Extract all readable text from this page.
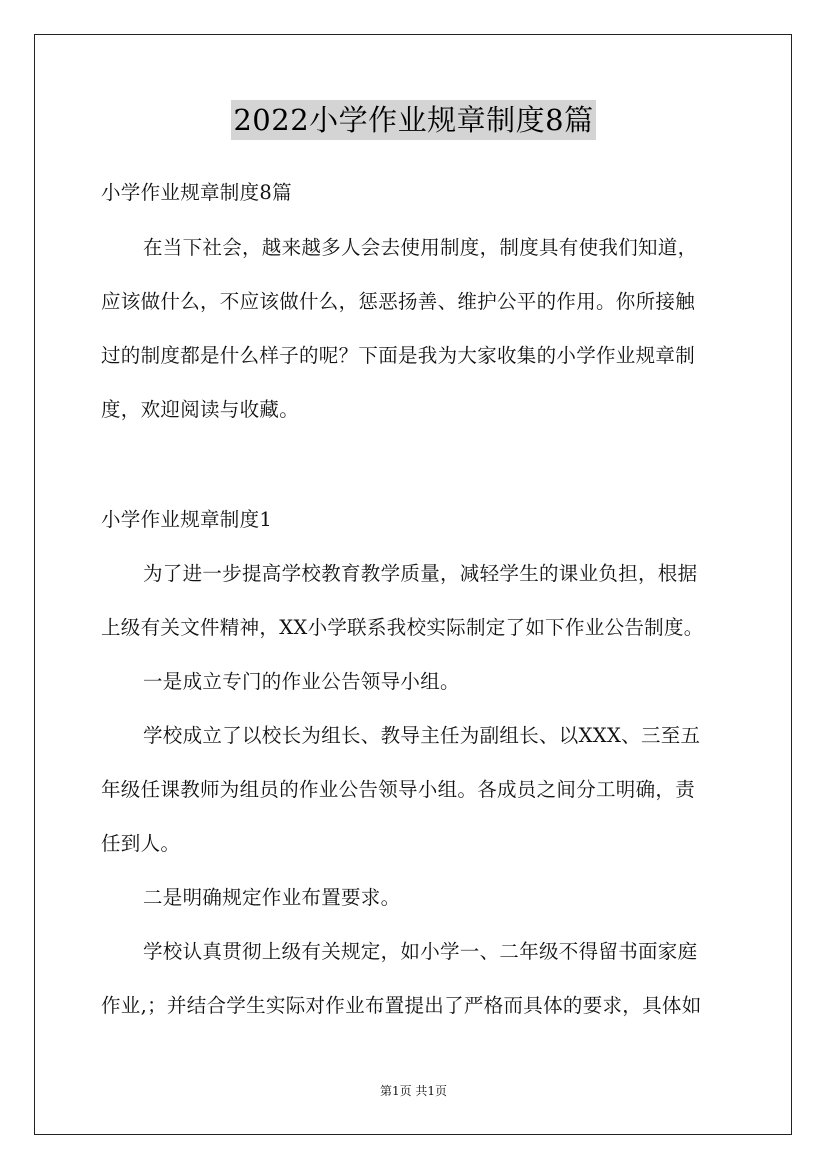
2022小学作业规章制度8篇
小学作业规章制度8篇
在当下社会，越来越多人会去使用制度，制度具有使我们知道，
应该做什么，不应该做什么，惩恶扬善、维护公平的作用。你所接触
过的制度都是什么样子的呢？下面是我为大家收集的小学作业规章制
度，欢迎阅读与收藏。
小学作业规章制度1
为了进一步提高学校教育教学质量，减轻学生的课业负担，根据
上级有关文件精神，XX小学联系我校实际制定了如下作业公告制度。
一是成立专门的作业公告领导小组。
学校成立了以校长为组长、教导主任为副组长、以XXX、三至五
年级任课教师为组员的作业公告领导小组。各成员之间分工明确，责
任到人。
二是明确规定作业布置要求。
学校认真贯彻上级有关规定，如小学一、二年级不得留书面家庭
作业,；并结合学生实际对作业布置提出了严格而具体的要求，具体如
第1页 共1页
